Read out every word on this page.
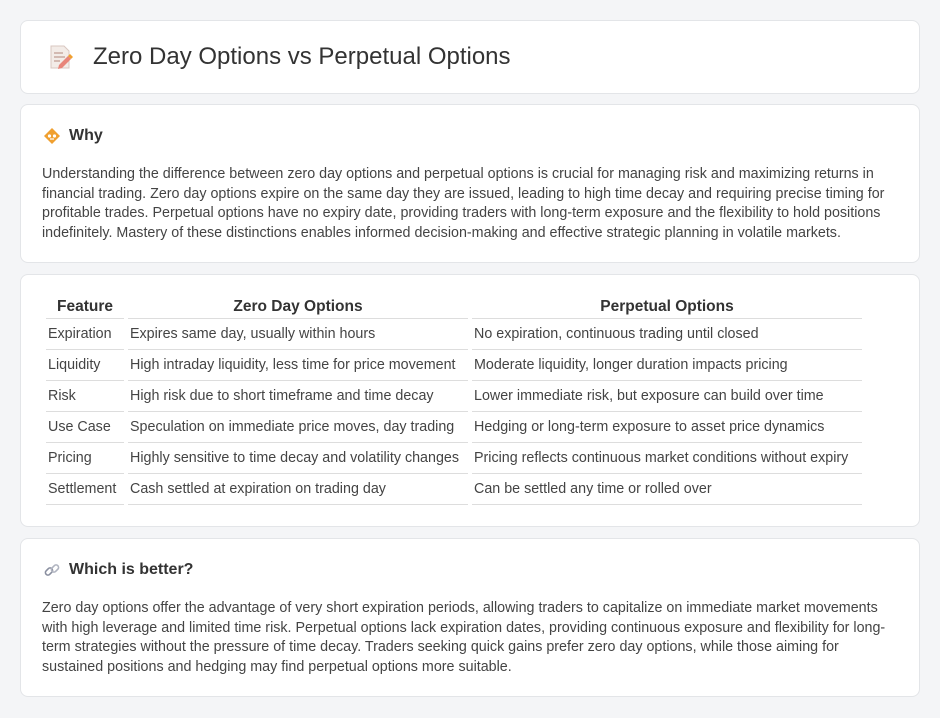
Zero Day Options vs Perpetual Options
Why

Understanding the difference between zero day options and perpetual options is crucial for managing risk and maximizing returns in financial trading. Zero day options expire on the same day they are issued, leading to high time decay and requiring precise timing for profitable trades. Perpetual options have no expiry date, providing traders with long-term exposure and the flexibility to hold positions indefinitely. Mastery of these distinctions enables informed decision-making and effective strategic planning in volatile markets.

Feature	Zero Day Options	Perpetual Options
Expiration	Expires same day, usually within hours	No expiration, continuous trading until closed
Liquidity	High intraday liquidity, less time for price movement	Moderate liquidity, longer duration impacts pricing
Risk	High risk due to short timeframe and time decay	Lower immediate risk, but exposure can build over time
Use Case	Speculation on immediate price moves, day trading	Hedging or long-term exposure to asset price dynamics
Pricing	Highly sensitive to time decay and volatility changes	Pricing reflects continuous market conditions without expiry
Settlement	Cash settled at expiration on trading day	Can be settled any time or rolled over
Which is better?

Zero day options offer the advantage of very short expiration periods, allowing traders to capitalize on immediate market movements with high leverage and limited time risk. Perpetual options lack expiration dates, providing continuous exposure and flexibility for long-term strategies without the pressure of time decay. Traders seeking quick gains prefer zero day options, while those aiming for sustained positions and hedging may find perpetual options more suitable.
